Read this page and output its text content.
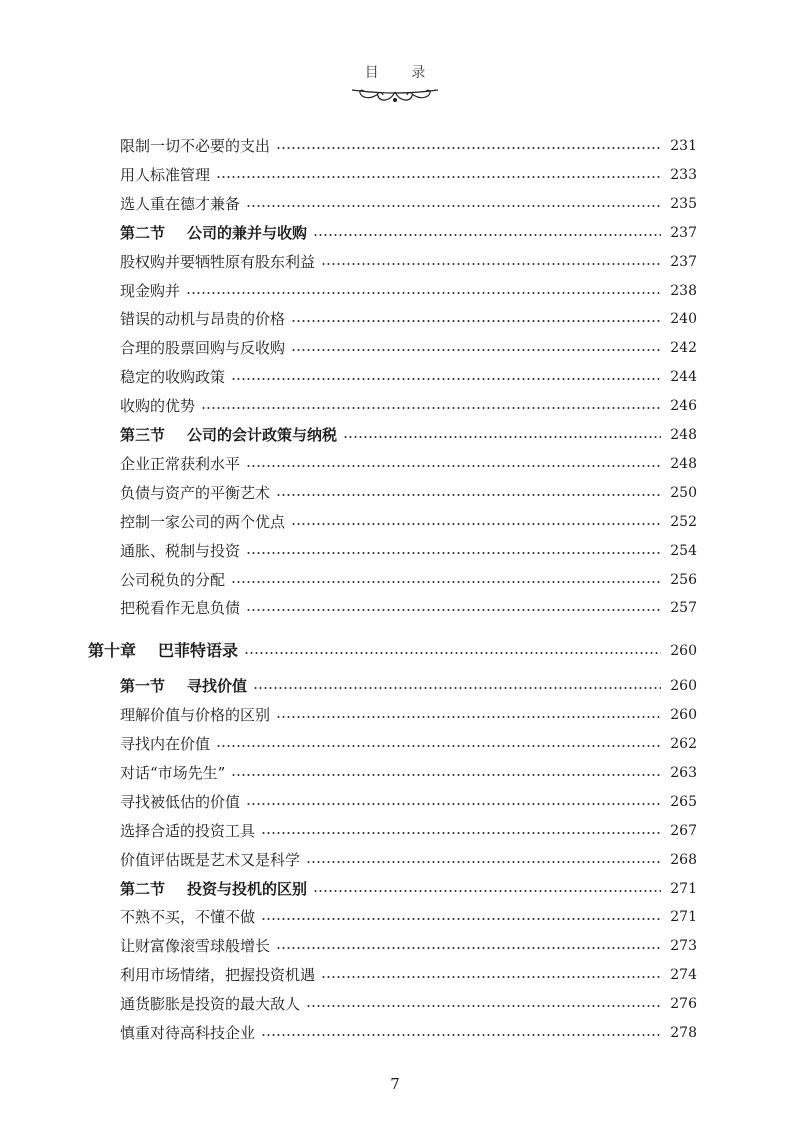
目 录
限制一切不必要的支出	231
用人标准管理	233
选人重在德才兼备	235
第二节 公司的兼并与收购	237
股权购并要牺牲原有股东利益	237
现金购并	238
错误的动机与昂贵的价格	240
合理的股票回购与反收购	242
稳定的收购政策	244
收购的优势	246
第三节 公司的会计政策与纳税	248
企业正常获利水平	248
负债与资产的平衡艺术	250
控制一家公司的两个优点	252
通胀、税制与投资	254
公司税负的分配	256
把税看作无息负债	257
第十章 巴菲特语录	260
第一节 寻找价值	260
理解价值与价格的区别	260
寻找内在价值	262
对话“市场先生”	263
寻找被低估的价值	265
选择合适的投资工具	267
价值评估既是艺术又是科学	268
第二节 投资与投机的区别	271
不熟不买，不懂不做	271
让财富像滚雪球般增长	273
利用市场情绪，把握投资机遇	274
通货膨胀是投资的最大敌人	276
慎重对待高科技企业	278
7
